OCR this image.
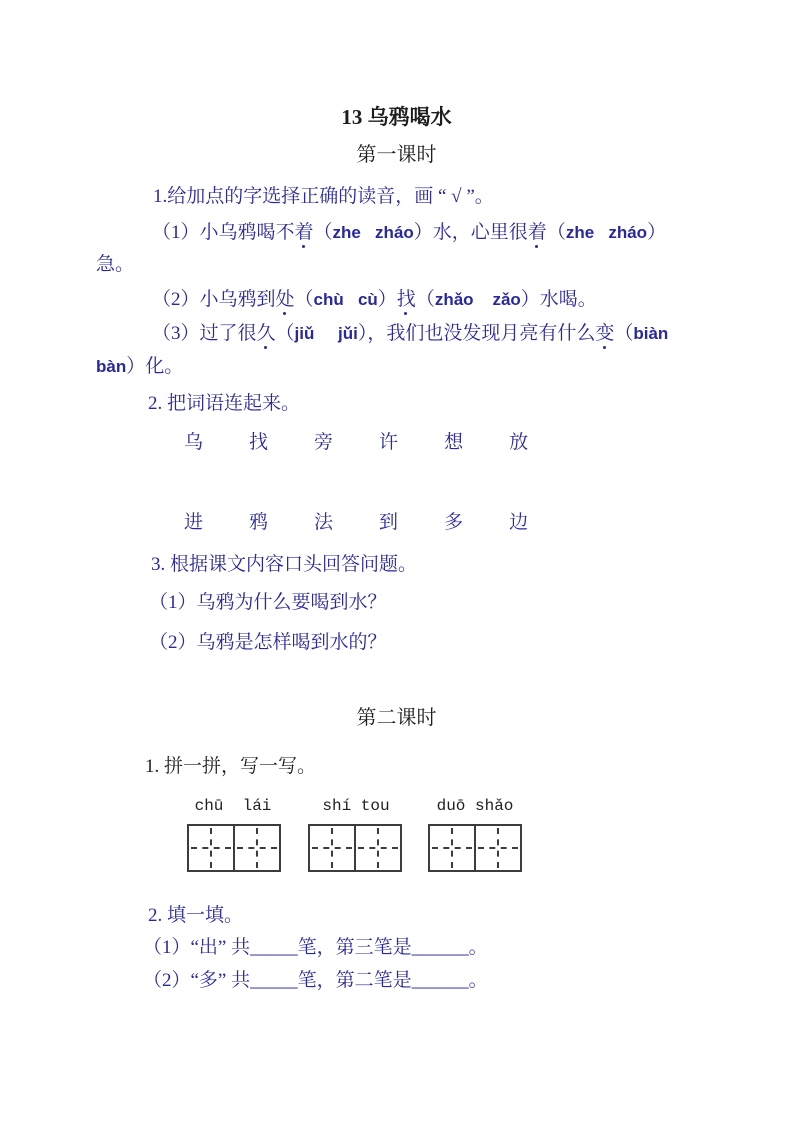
13 乌鸦喝水
第一课时
1.给加点的字选择正确的读音，画 “ √ ”。
（1）小乌鸦喝不着（zhe   zháo）水，心里很着（zhe   zháo）
急。
（2）小乌鸦到处（chù   cù）找（zhǎo    zǎo）水喝。
（3）过了很久（jiǔ     jǔi），我们也没发现月亮有什么变（biàn
bàn）化。
2. 把词语连起来。
乌 找 旁 许 想 放
进 鸦 法 到 多 边
3. 根据课文内容口头回答问题。
（1）乌鸦为什么要喝到水？
（2）乌鸦是怎样喝到水的？
第二课时
1. 拼一拼，写一写。
chū  lái	shí tou	duō shǎo
2. 填一填。
（1）“出” 共_____笔，第三笔是______。
（2）“多” 共_____笔，第二笔是______。
